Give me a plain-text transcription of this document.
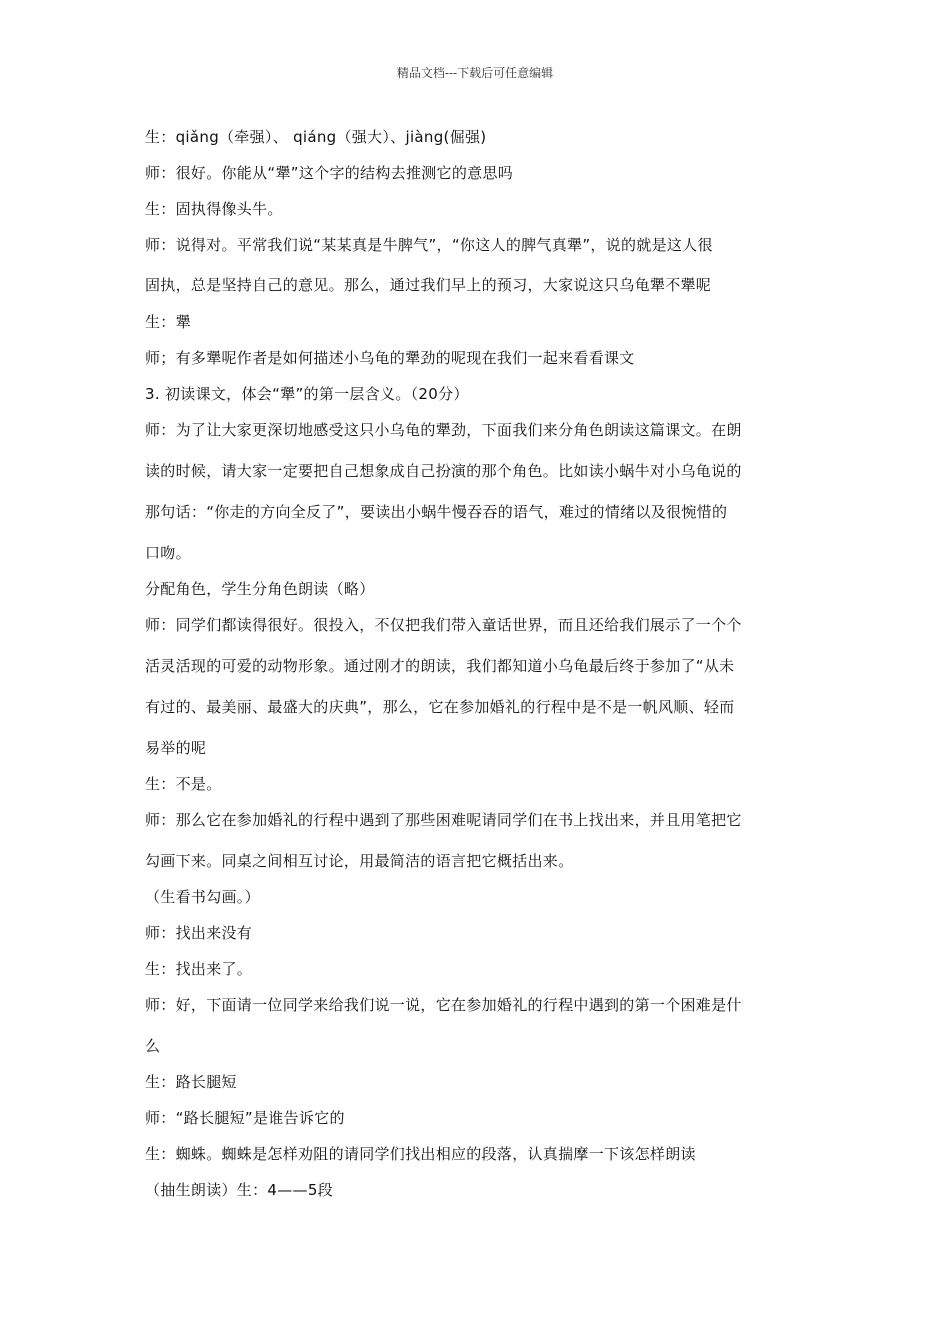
精品文档---下载后可任意编辑
生：qiǎng（牵强）、 qiáng（强大）、jiàng(倔强)
师：很好。你能从“犟”这个字的结构去推测它的意思吗
生：固执得像头牛。
师：说得对。平常我们说“某某真是牛脾气”，“你这人的脾气真犟”，说的就是这人很
固执，总是坚持自己的意见。那么，通过我们早上的预习，大家说这只乌龟犟不犟呢
生：犟
师；有多犟呢作者是如何描述小乌龟的犟劲的呢现在我们一起来看看课文
3. 初读课文，体会“犟”的第一层含义。（20分）
师：为了让大家更深切地感受这只小乌龟的犟劲，下面我们来分角色朗读这篇课文。在朗
读的时候，请大家一定要把自己想象成自己扮演的那个角色。比如读小蜗牛对小乌龟说的
那句话：“你走的方向全反了”，要读出小蜗牛慢吞吞的语气，难过的情绪以及很惋惜的
口吻。
分配角色，学生分角色朗读（略）
师：同学们都读得很好。很投入，不仅把我们带入童话世界，而且还给我们展示了一个个
活灵活现的可爱的动物形象。通过刚才的朗读，我们都知道小乌龟最后终于参加了“从未
有过的、最美丽、最盛大的庆典”，那么，它在参加婚礼的行程中是不是一帆风顺、轻而
易举的呢
生：不是。
师：那么它在参加婚礼的行程中遇到了那些困难呢请同学们在书上找出来，并且用笔把它
勾画下来。同桌之间相互讨论，用最简洁的语言把它概括出来。
（生看书勾画。）
师：找出来没有
生：找出来了。
师：好，下面请一位同学来给我们说一说，它在参加婚礼的行程中遇到的第一个困难是什
么
生：路长腿短
师：“路长腿短”是谁告诉它的
生：蜘蛛。蜘蛛是怎样劝阻的请同学们找出相应的段落，认真揣摩一下该怎样朗读
（抽生朗读）生：4——5段
